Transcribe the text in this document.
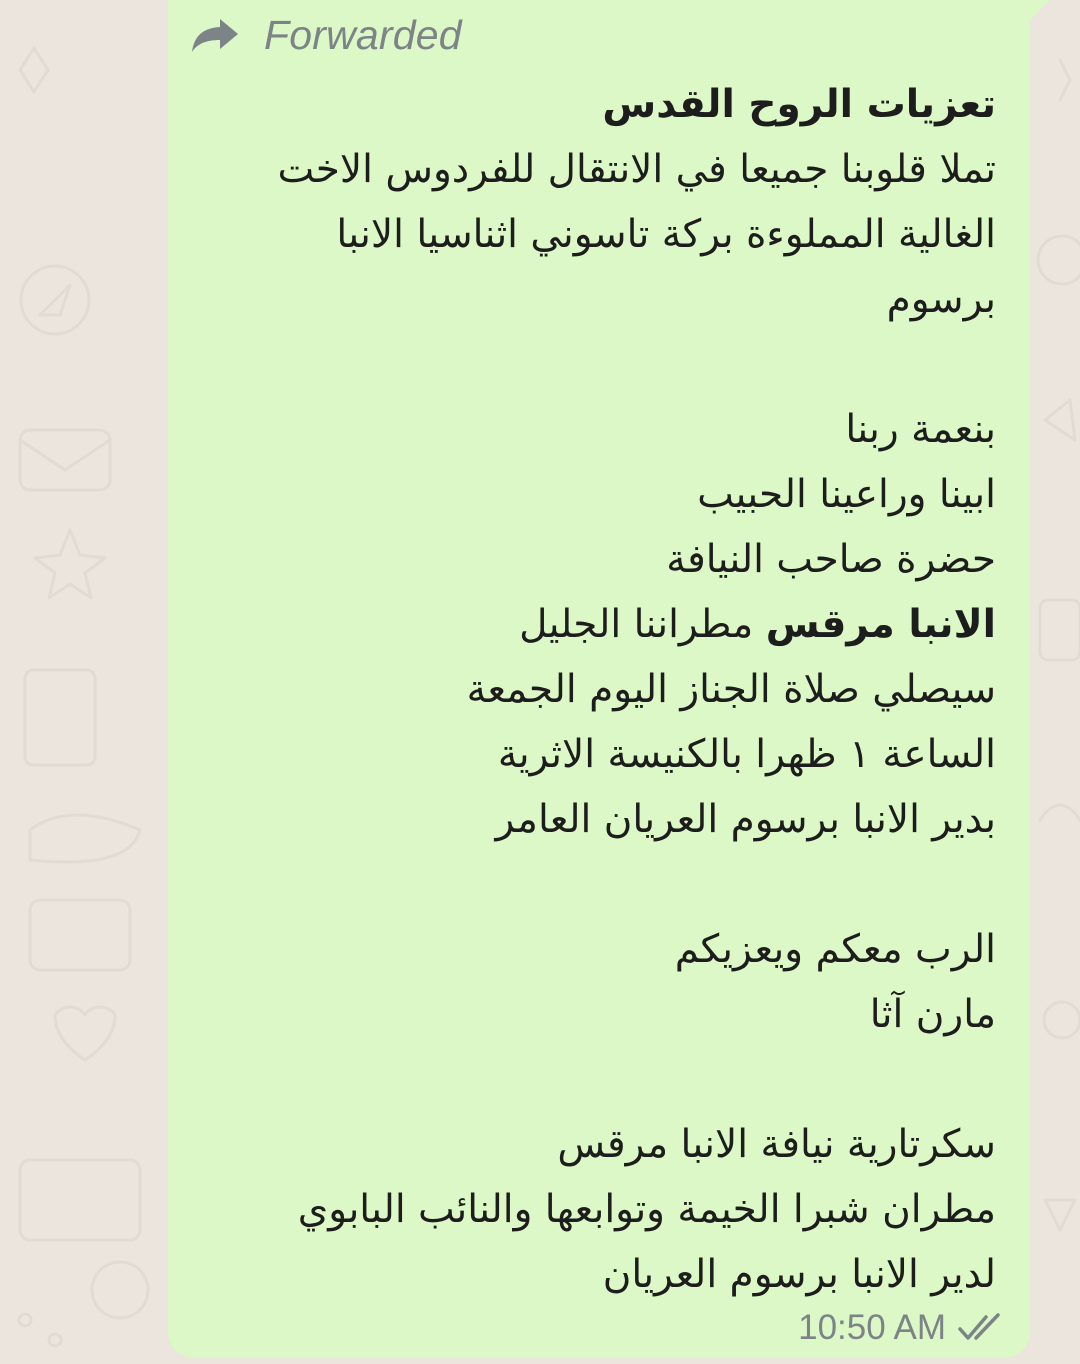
Forwarded
تعزيات الروح القدس
تملا قلوبنا جميعا في الانتقال للفردوس الاخت
الغالية المملوءة بركة تاسوني اثناسيا الانبا
برسوم
بنعمة ربنا
ابينا وراعينا الحبيب
حضرة صاحب النيافة
الانبا مرقس مطراننا الجليل
سيصلي صلاة الجناز اليوم الجمعة
الساعة ١ ظهرا بالكنيسة الاثرية
بدير الانبا برسوم العريان العامر
الرب معكم ويعزيكم
مارن آثا
سكرتارية نيافة الانبا مرقس
مطران شبرا الخيمة وتوابعها والنائب البابوي
لدير الانبا برسوم العريان
10:50 AM
